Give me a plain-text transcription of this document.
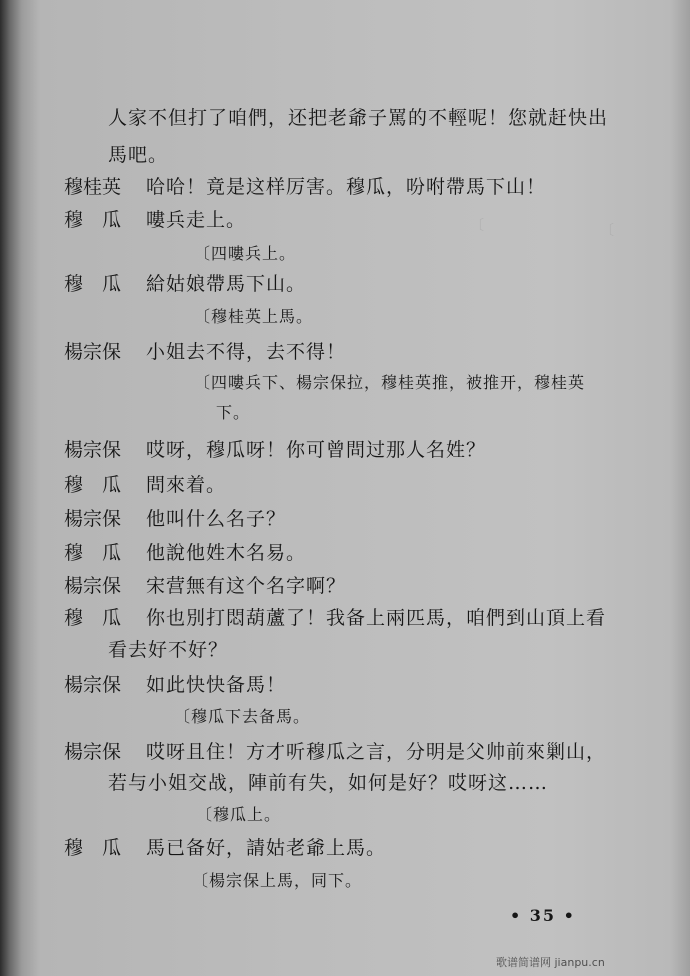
〔	〔
人家不但打了咱們，还把老爺子罵的不輕呢！您就赶快出
馬吧。
穆桂英 哈哈！竟是这样厉害。穆瓜，吩咐帶馬下山！
穆　瓜 嘍兵走上。
〔四嘍兵上。
穆　瓜 給姑娘帶馬下山。
〔穆桂英上馬。
楊宗保 小姐去不得，去不得！
〔四嘍兵下、楊宗保拉，穆桂英推，被推开，穆桂英
下。
楊宗保 哎呀，穆瓜呀！你可曾問过那人名姓？
穆　瓜 問來着。
楊宗保 他叫什么名子？
穆　瓜 他說他姓木名易。
楊宗保 宋营無有这个名字啊？
穆　瓜 你也別打悶葫蘆了！我备上兩匹馬，咱們到山頂上看
看去好不好？
楊宗保 如此快快备馬！
〔穆瓜下去备馬。
楊宗保 哎呀且住！方才听穆瓜之言，分明是父帅前來剿山，
若与小姐交战，陣前有失，如何是好？哎呀这……
〔穆瓜上。
穆　瓜 馬已备好，請姑老爺上馬。
〔楊宗保上馬，同下。
• 35 •
歌谱简谱网 jianpu.cn
